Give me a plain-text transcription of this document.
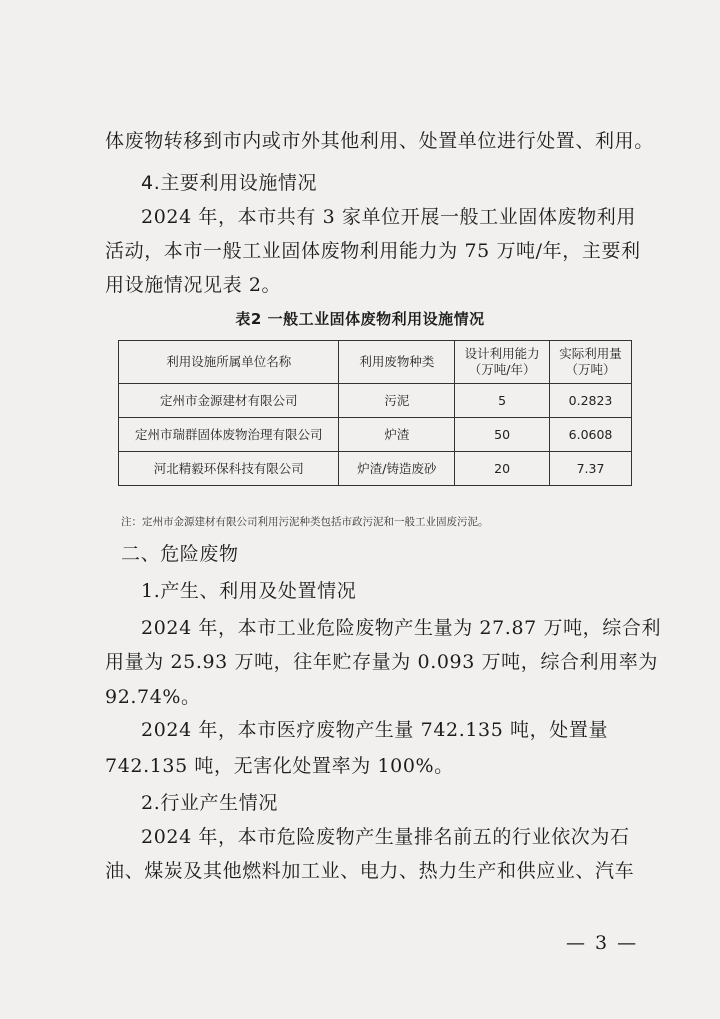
体废物转移到市内或市外其他利用、处置单位进行处置、利用。
4.主要利用设施情况
2024 年，本市共有 3 家单位开展一般工业固体废物利用
活动，本市一般工业固体废物利用能力为 75 万吨/年，主要利
用设施情况见表 2。
表2 一般工业固体废物利用设施情况
利用设施所属单位名称	利用废物种类	设计利用能力（万吨/年）	实际利用量（万吨）
定州市金源建材有限公司	污泥	5	0.2823
定州市瑞群固体废物治理有限公司	炉渣	50	6.0608
河北精毅环保科技有限公司	炉渣/铸造废砂	20	7.37
注：定州市金源建材有限公司利用污泥种类包括市政污泥和一般工业固废污泥。
二、危险废物
1.产生、利用及处置情况
2024 年，本市工业危险废物产生量为 27.87 万吨，综合利
用量为 25.93 万吨，往年贮存量为 0.093 万吨，综合利用率为
92.74%。
2024 年，本市医疗废物产生量 742.135 吨，处置量
742.135 吨，无害化处置率为 100%。
2.行业产生情况
2024 年，本市危险废物产生量排名前五的行业依次为石
油、煤炭及其他燃料加工业、电力、热力生产和供应业、汽车
— 3 —
